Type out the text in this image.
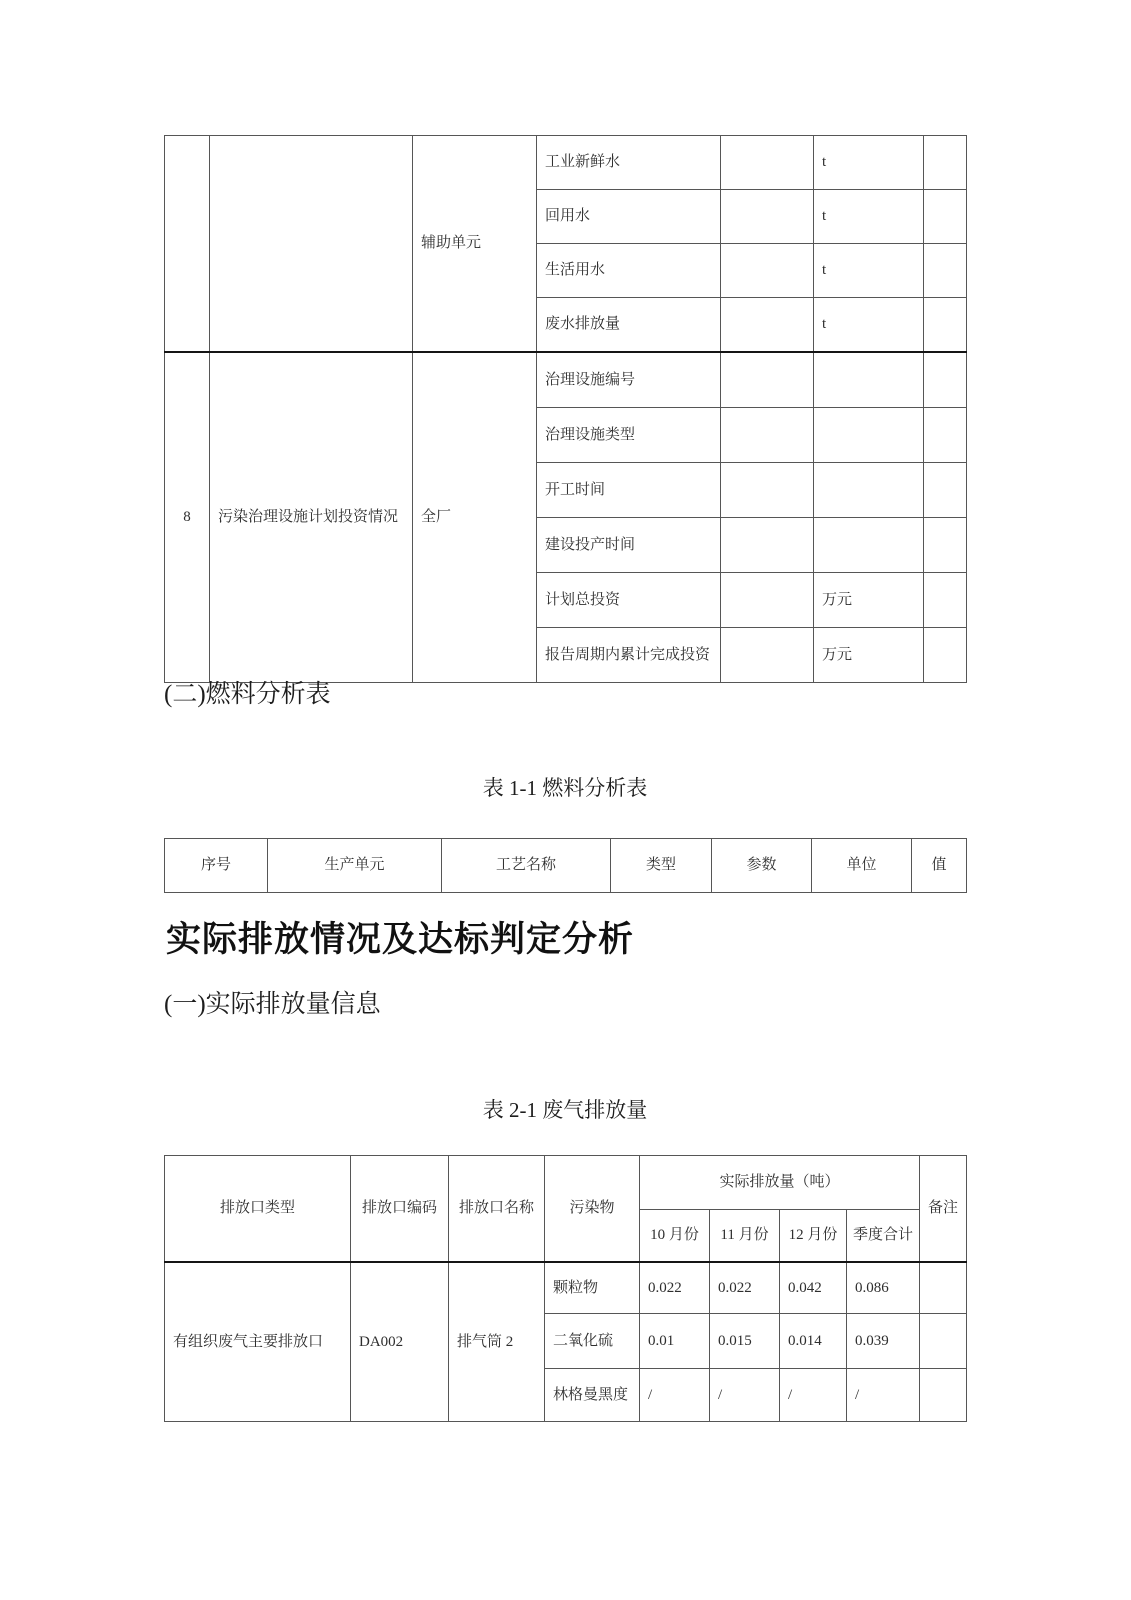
		辅助单元	工业新鲜水		t	
			回用水		t	
			生活用水		t	
			废水排放量		t	
8	污染治理设施计划投资情况	全厂	治理设施编号			
			治理设施类型			
			开工时间			
			建设投产时间			
			计划总投资		万元	
			报告周期内累计完成投资		万元	
(二)燃料分析表
表 1-1 燃料分析表
序号	生产单元	工艺名称	类型	参数	单位	值
实际排放情况及达标判定分析
(一)实际排放量信息
表 2-1 废气排放量
排放口类型	排放口编码	排放口名称	污染物	实际排放量（吨）				备注
				10 月份	11 月份	12 月份	季度合计	
有组织废气主要排放口	DA002	排气筒 2	颗粒物	0.022	0.022	0.042	0.086	
			二氧化硫	0.01	0.015	0.014	0.039	
			林格曼黑度	/	/	/	/	
